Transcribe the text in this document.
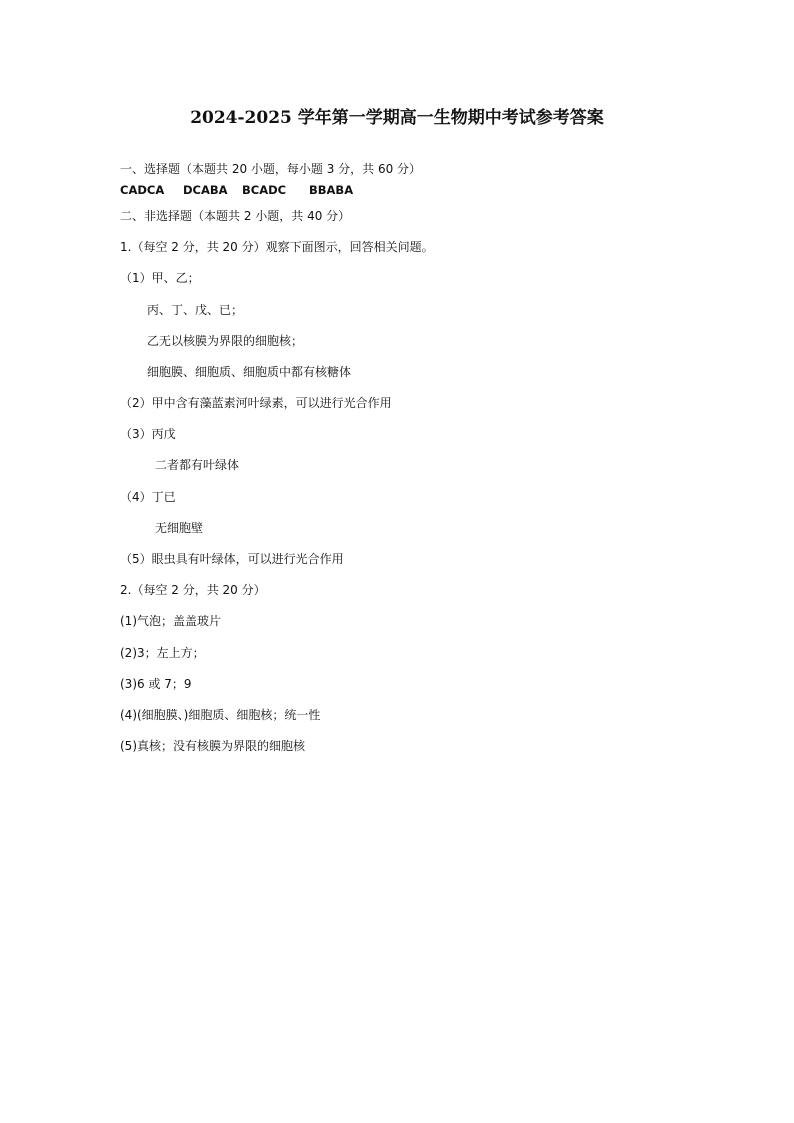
2024-2025 学年第一学期高一生物期中考试参考答案
一、选择题（本题共 20 小题，每小题 3 分，共 60 分）
CADCA DCABA BCADC BBABA
二、非选择题（本题共 2 小题，共 40 分）
1.（每空 2 分，共 20 分）观察下面图示，回答相关问题。
（1）甲、乙；
丙、丁、戊、已；
乙无以核膜为界限的细胞核；
细胞膜、细胞质、细胞质中都有核糖体
（2）甲中含有藻蓝素河叶绿素，可以进行光合作用
（3）丙戊
二者都有叶绿体
（4）丁已
无细胞壁
（5）眼虫具有叶绿体，可以进行光合作用
2.（每空 2 分，共 20 分）
(1)气泡；盖盖玻片
(2)3；左上方；
(3)6 或 7；9
(4)(细胞膜、)细胞质、细胞核；统一性
(5)真核；没有核膜为界限的细胞核
